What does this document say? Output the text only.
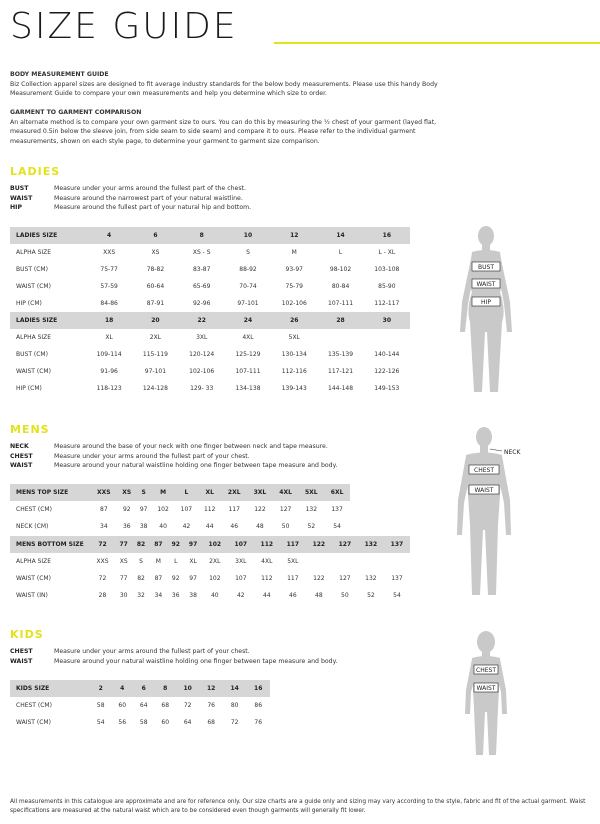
SIZE GUIDE
BODY MEASUREMENT GUIDE
Biz Collection apparel sizes are designed to fit average industry standards for the below body measurements. Please use this handy Body Measurement Guide to compare your own measurements and help you determine which size to order.
GARMENT TO GARMENT COMPARISON
An alternate method is to compare your own garment size to ours. You can do this by measuring the ½ chest of your garment (layed flat, measured 0.5in below the sleeve join, from side seam to side seam) and compare it to ours. Please refer to the individual garment measurements, shown on each style page, to determine your garment to garment size comparison.
LADIES
BUST	Measure under your arms around the fullest part of the chest.
WAIST	Measure around the narrowest part of your natural waistline.
HIP	Measure around the fullest part of your natural hip and bottom.
LADIES SIZE	4	6	8	10	12	14	16
ALPHA SIZE	XXS	XS	XS - S	S	M	L	L - XL
BUST (CM)	75-77	78-82	83-87	88-92	93-97	98-102	103-108
WAIST (CM)	57-59	60-64	65-69	70-74	75-79	80-84	85-90
HIP (CM)	84-86	87-91	92-96	97-101	102-106	107-111	112-117
LADIES SIZE	18	20	22	24	26	28	30
ALPHA SIZE	XL	2XL	3XL	4XL	5XL		
BUST (CM)	109-114	115-119	120-124	125-129	130-134	135-139	140-144
WAIST (CM)	91-96	97-101	102-106	107-111	112-116	117-121	122-126
HIP (CM)	118-123	124-128	129- 33	134-138	139-143	144-148	149-153
BUST
WAIST
HIP
MENS
NECK	Measure around the base of your neck with one finger between neck and tape measure.
CHEST	Measure under your arms around the fullest part of your chest.
WAIST	Measure around your natural waistline holding one finger between tape measure and body.
MENS TOP SIZE	XXS	XS	S	M	L	XL	2XL	3XL	4XL	5XL	6XL
CHEST (CM)	87	92	97	102	107	112	117	122	127	132	137
NECK (CM)	34	36	38	40	42	44	46	48	50	52	54
MENS BOTTOM SIZE	72	77	82	87	92	97	102	107	112	117	122	127	132	137
ALPHA SIZE	XXS	XS	S	M	L	XL	2XL	3XL	4XL	5XL				
WAIST (CM)	72	77	82	87	92	97	102	107	112	117	122	127	132	137
WAIST (IN)	28	30	32	34	36	38	40	42	44	46	48	50	52	54
NECK
CHEST
WAIST
KIDS
CHEST	Measure under your arms around the fullest part of your chest.
WAIST	Measure around your natural waistline holding one finger between tape measure and body.
KIDS SIZE	2	4	6	8	10	12	14	16
CHEST (CM)	58	60	64	68	72	76	80	86
WAIST (CM)	54	56	58	60	64	68	72	76
CHEST
WAIST
All measurements in this catalogue are approximate and are for reference only. Our size charts are a guide only and sizing may vary according to the style, fabric and fit of the actual garment. Waist specifications are measured at the natural waist which are to be considered even though garments will generally fit lower.
